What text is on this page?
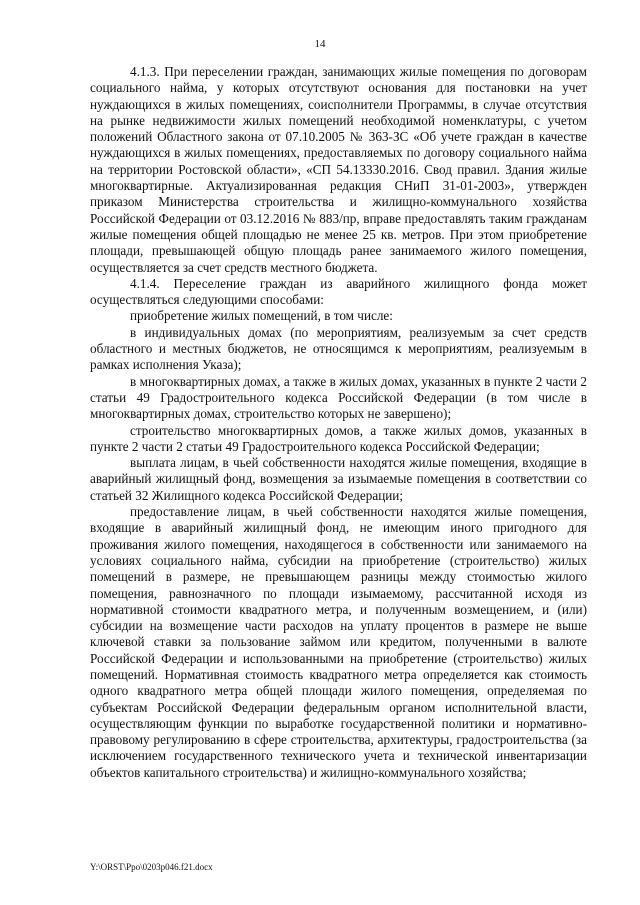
14

4.1.3. При переселении граждан, занимающих жилые помещения по договорам социального найма, у которых отсутствуют основания для постановки на учет нуждающихся в жилых помещениях, соисполнители Программы, в случае отсутствия на рынке недвижимости жилых помещений необходимой номенклатуры, с учетом положений Областного закона от 07.10.2005 № 363-ЗС «Об учете граждан в качестве нуждающихся в жилых помещениях, предоставляемых по договору социального найма на территории Ростовской области», «СП 54.13330.2016. Свод правил. Здания жилые многоквартирные. Актуализированная редакция СНиП 31-01-2003», утвержден приказом Министерства строительства и жилищно-коммунального хозяйства Российской Федерации от 03.12.2016 № 883/пр, вправе предоставлять таким гражданам жилые помещения общей площадью не менее 25 кв. метров. При этом приобретение площади, превышающей общую площадь ранее занимаемого жилого помещения, осуществляется за счет средств местного бюджета.

4.1.4. Переселение граждан из аварийного жилищного фонда может осуществляться следующими способами:

приобретение жилых помещений, в том числе:

в индивидуальных домах (по мероприятиям, реализуемым за счет средств областного и местных бюджетов, не относящимся к мероприятиям, реализуемым в рамках исполнения Указа);

в многоквартирных домах, а также в жилых домах, указанных в пункте 2 части 2 статьи 49 Градостроительного кодекса Российской Федерации (в том числе в многоквартирных домах, строительство которых не завершено);

строительство многоквартирных домов, а также жилых домов, указанных в пункте 2 части 2 статьи 49 Градостроительного кодекса Российской Федерации;

выплата лицам, в чьей собственности находятся жилые помещения, входящие в аварийный жилищный фонд, возмещения за изымаемые помещения в соответствии со статьей 32 Жилищного кодекса Российской Федерации;

предоставление лицам, в чьей собственности находятся жилые помещения, входящие в аварийный жилищный фонд, не имеющим иного пригодного для проживания жилого помещения, находящегося в собственности или занимаемого на условиях социального найма, субсидии на приобретение (строительство) жилых помещений в размере, не превышающем разницы между стоимостью жилого помещения, равнозначного по площади изымаемому, рассчитанной исходя из нормативной стоимости квадратного метра, и полученным возмещением, и (или) субсидии на возмещение части расходов на уплату процентов в размере не выше ключевой ставки за пользование займом или кредитом, полученными в валюте Российской Федерации и использованными на приобретение (строительство) жилых помещений. Нормативная стоимость квадратного метра определяется как стоимость одного квадратного метра общей площади жилого помещения, определяемая по субъектам Российской Федерации федеральным органом исполнительной власти, осуществляющим функции по выработке государственной политики и нормативно-правовому регулированию в сфере строительства, архитектуры, градостроительства (за исключением государственного технического учета и технической инвентаризации объектов капитального строительства) и жилищно-коммунального хозяйства;

Y:\ORST\Ppo\0203p046.f21.docx
